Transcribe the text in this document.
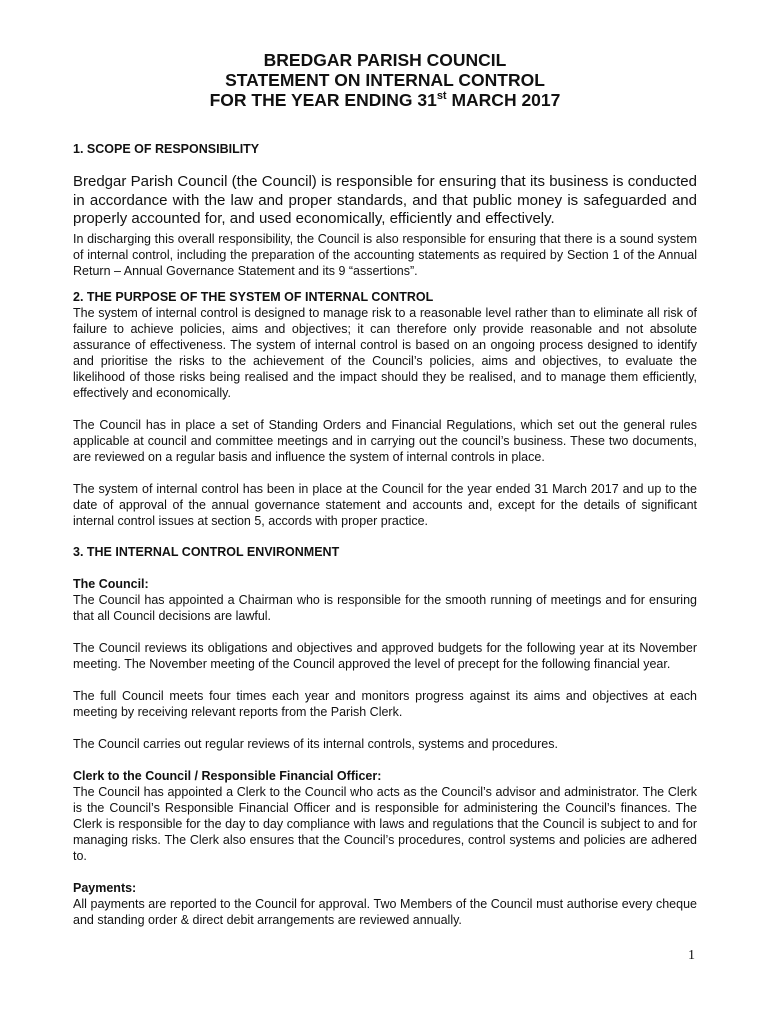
BREDGAR PARISH COUNCIL

STATEMENT ON INTERNAL CONTROL

FOR THE YEAR ENDING 31st MARCH 2017

1. SCOPE OF RESPONSIBILITY

Bredgar Parish Council (the Council) is responsible for ensuring that its business is conducted in accordance with the law and proper standards, and that public money is safeguarded and properly accounted for, and used economically, efficiently and effectively.

In discharging this overall responsibility, the Council is also responsible for ensuring that there is a sound system of internal control, including the preparation of the accounting statements as required by Section 1 of the Annual Return – Annual Governance Statement and its 9 “assertions”.

2. THE PURPOSE OF THE SYSTEM OF INTERNAL CONTROL

The system of internal control is designed to manage risk to a reasonable level rather than to eliminate all risk of failure to achieve policies, aims and objectives; it can therefore only provide reasonable and not absolute assurance of effectiveness. The system of internal control is based on an ongoing process designed to identify and prioritise the risks to the achievement of the Council’s policies, aims and objectives, to evaluate the likelihood of those risks being realised and the impact should they be realised, and to manage them efficiently, effectively and economically.

The Council has in place a set of Standing Orders and Financial Regulations, which set out the general rules applicable at council and committee meetings and in carrying out the council’s business. These two documents, are reviewed on a regular basis and influence the system of internal controls in place.

The system of internal control has been in place at the Council for the year ended 31 March 2017 and up to the date of approval of the annual governance statement and accounts and, except for the details of significant internal control issues at section 5, accords with proper practice.

3. THE INTERNAL CONTROL ENVIRONMENT

The Council:

The Council has appointed a Chairman who is responsible for the smooth running of meetings and for ensuring that all Council decisions are lawful.

The Council reviews its obligations and objectives and approved budgets for the following year at its November meeting. The November meeting of the Council approved the level of precept for the following financial year.

The full Council meets four times each year and monitors progress against its aims and objectives at each meeting by receiving relevant reports from the Parish Clerk.

The Council carries out regular reviews of its internal controls, systems and procedures.

Clerk to the Council / Responsible Financial Officer:

The Council has appointed a Clerk to the Council who acts as the Council’s advisor and administrator. The Clerk is the Council’s Responsible Financial Officer and is responsible for administering the Council’s finances. The Clerk is responsible for the day to day compliance with laws and regulations that the Council is subject to and for managing risks. The Clerk also ensures that the Council’s procedures, control systems and policies are adhered to.

Payments:

All payments are reported to the Council for approval. Two Members of the Council must authorise every cheque and standing order & direct debit arrangements are reviewed annually.

1
